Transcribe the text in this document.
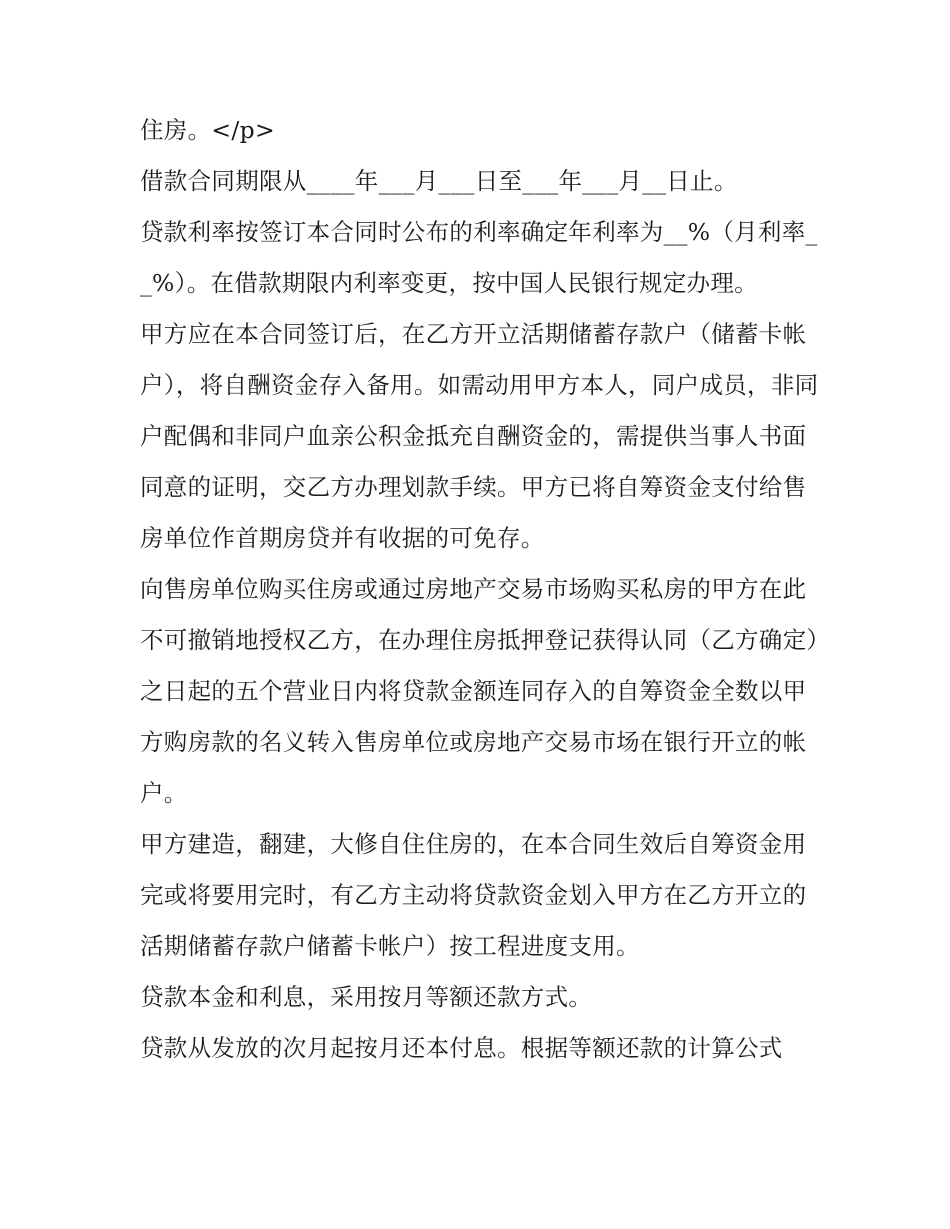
住房。</p>

借款合同期限从____年___月___日至___年___月__日止。

贷款利率按签订本合同时公布的利率确定年利率为__%（月利率__%）。在借款期限内利率变更，按中国人民银行规定办理。

甲方应在本合同签订后，在乙方开立活期储蓄存款户（储蓄卡帐户），将自酬资金存入备用。如需动用甲方本人，同户成员，非同户配偶和非同户血亲公积金抵充自酬资金的，需提供当事人书面同意的证明，交乙方办理划款手续。甲方已将自筹资金支付给售房单位作首期房贷并有收据的可免存。

向售房单位购买住房或通过房地产交易市场购买私房的甲方在此不可撤销地授权乙方，在办理住房抵押登记获得认同（乙方确定）之日起的五个营业日内将贷款金额连同存入的自筹资金全数以甲方购房款的名义转入售房单位或房地产交易市场在银行开立的帐户。

甲方建造，翻建，大修自住住房的，在本合同生效后自筹资金用完或将要用完时，有乙方主动将贷款资金划入甲方在乙方开立的活期储蓄存款户储蓄卡帐户）按工程进度支用。

贷款本金和利息，采用按月等额还款方式。

贷款从发放的次月起按月还本付息。根据等额还款的计算公式
